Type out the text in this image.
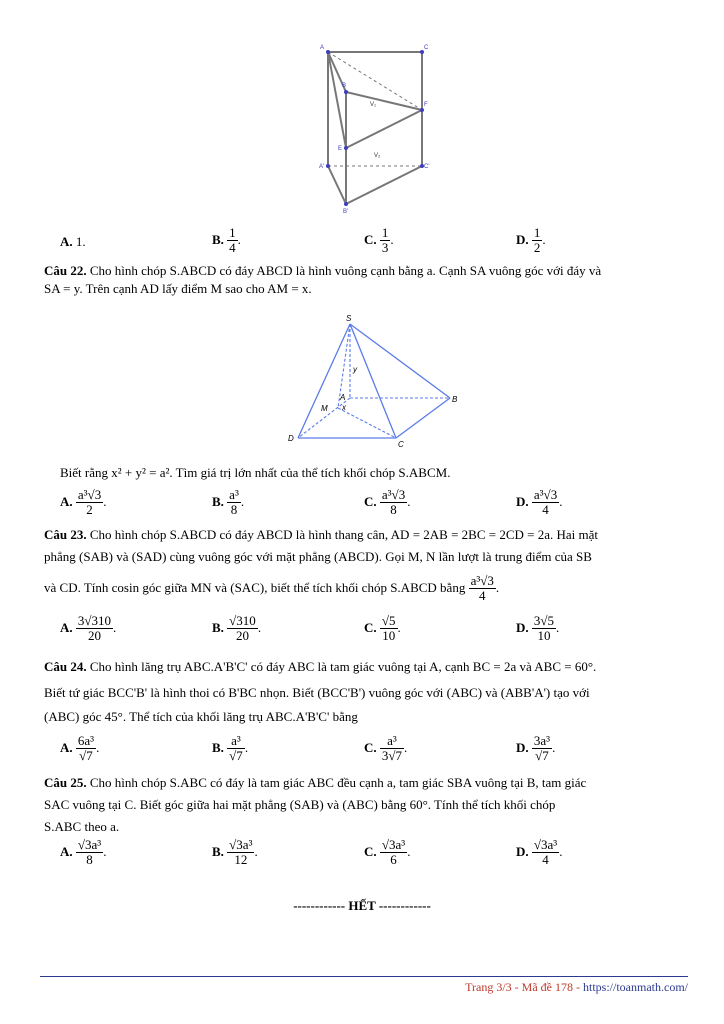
A	C
B
F
E
A'	C'
B'
V₁
V₂
A. 1.	B. $\frac{1}{4}$ .	C. $\frac{1}{3}$ .	D. $\frac{1}{2}$ .
Câu 22. Cho hình chóp S.ABCD có đáy ABCD là hình vuông cạnh bằng a. Cạnh SA vuông góc với đáy và
SA = y. Trên cạnh AD lấy điểm M sao cho AM = x.
S
A	B
C
D
M x
y
Biết rằng x² + y² = a². Tìm giá trị lớn nhất của thể tích khối chóp S.ABCM.
A. $\frac{\text{a³√3}}{2}$ .	B. $\frac{\text{a³}}{8}$ .	C. $\frac{\text{a³√3}}{8}$ .	D. $\frac{\text{a³√3}}{4}$ .
Câu 23. Cho hình chóp S.ABCD có đáy ABCD là hình thang cân, AD = 2AB = 2BC = 2CD = 2a. Hai mặt
phẳng (SAB) và (SAD) cùng vuông góc với mặt phẳng (ABCD). Gọi M, N lần lượt là trung điểm của SB
và CD. Tính cosin góc giữa MN và (SAC), biết thể tích khối chóp S.ABCD bằng $\frac{\text{a³√3}}{4}$ .
A. $\frac{3√310}{20}$ .	B. $\frac{√310}{20}$ .	C. $\frac{√5}{10}$ .	D. $\frac{3√5}{10}$ .
Câu 24. Cho hình lăng trụ ABC.A'B'C' có đáy ABC là tam giác vuông tại A, cạnh BC = 2a và ABC = 60°.
Biết tứ giác BCC'B' là hình thoi có B'BC nhọn. Biết (BCC'B') vuông góc với (ABC) và (ABB'A') tạo với
(ABC) góc 45°. Thể tích của khối lăng trụ ABC.A'B'C' bằng
A. $\frac{\text{6a³}}{√7}$ .	B. $\frac{\text{a³}}{√7}$ .	C. $\frac{\text{a³}}{3√7}$ .	D. $\frac{\text{3a³}}{√7}$ .
Câu 25. Cho hình chóp S.ABC có đáy là tam giác ABC đều cạnh a, tam giác SBA vuông tại B, tam giác
SAC vuông tại C. Biết góc giữa hai mặt phẳng (SAB) và (ABC) bằng 60°. Tính thể tích khối chóp
S.ABC theo a.
A. $\frac{\text{√3a³}}{8}$ .	B. $\frac{\text{√3a³}}{12}$ .	C. $\frac{\text{√3a³}}{6}$ .	D. $\frac{\text{√3a³}}{4}$ .
------------ HẾT ------------
Trang 3/3 - Mã đề 178 - https://toanmath.com/
